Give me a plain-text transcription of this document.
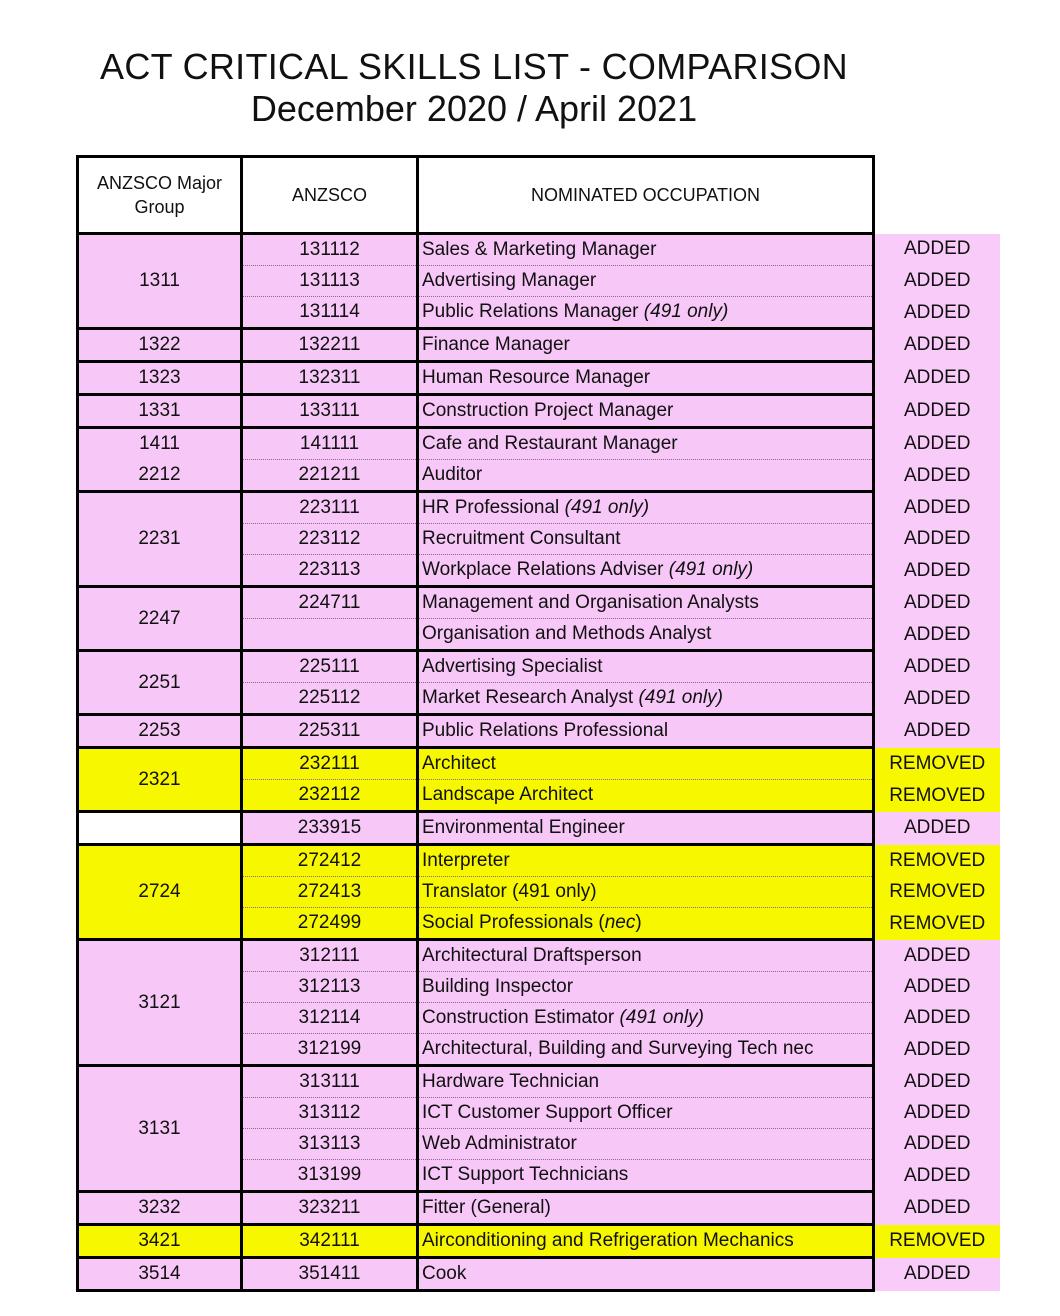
ACT CRITICAL SKILLS LIST - COMPARISON
December 2020 / April 2021
ANZSCO Major Group	ANZSCO	NOMINATED OCCUPATION	
1311	131112	Sales & Marketing Manager	ADDED
	131113	Advertising Manager	ADDED
	131114	Public Relations Manager (491 only)	ADDED
1322	132211	Finance Manager	ADDED
1323	132311	Human Resource Manager	ADDED
1331	133111	Construction Project Manager	ADDED
1411	141111	Cafe and Restaurant Manager	ADDED
2212	221211	Auditor	ADDED
2231	223111	HR Professional (491 only)	ADDED
	223112	Recruitment Consultant	ADDED
	223113	Workplace Relations Adviser (491 only)	ADDED
2247	224711	Management and Organisation Analysts	ADDED
		Organisation and Methods Analyst	ADDED
2251	225111	Advertising Specialist	ADDED
	225112	Market Research Analyst (491 only)	ADDED
2253	225311	Public Relations Professional	ADDED
2321	232111	Architect	REMOVED
	232112	Landscape Architect	REMOVED
	233915	Environmental Engineer	ADDED
2724	272412	Interpreter	REMOVED
	272413	Translator (491 only)	REMOVED
	272499	Social Professionals (nec)	REMOVED
3121	312111	Architectural Draftsperson	ADDED
	312113	Building Inspector	ADDED
	312114	Construction Estimator (491 only)	ADDED
	312199	Architectural, Building and Surveying Tech nec	ADDED
3131	313111	Hardware Technician	ADDED
	313112	ICT Customer Support Officer	ADDED
	313113	Web Administrator	ADDED
	313199	ICT Support Technicians	ADDED
3232	323211	Fitter (General)	ADDED
3421	342111	Airconditioning and Refrigeration Mechanics	REMOVED
3514	351411	Cook	ADDED
